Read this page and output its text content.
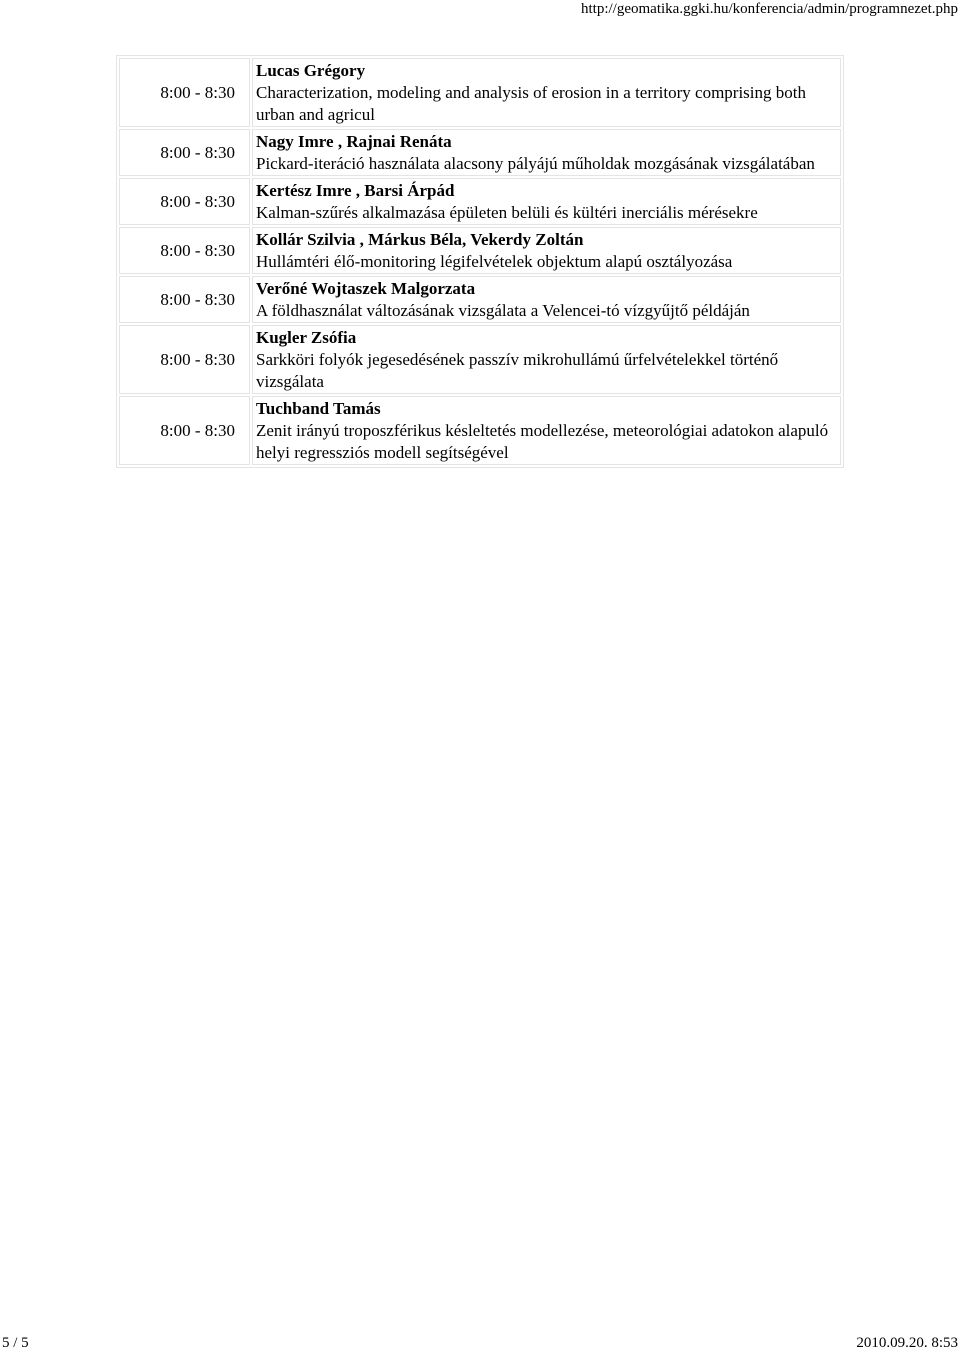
http://geomatika.ggki.hu/konferencia/admin/programnezet.php
8:00 - 8:30	Lucas Grégory
Characterization, modeling and analysis of erosion in a territory comprising both urban and agricul

8:00 - 8:30	Nagy Imre , Rajnai Renáta
Pickard-iteráció használata alacsony pályájú műholdak mozgásának vizsgálatában

8:00 - 8:30	Kertész Imre , Barsi Árpád
Kalman-szűrés alkalmazása épületen belüli és kültéri inerciális mérésekre

8:00 - 8:30	Kollár Szilvia , Márkus Béla, Vekerdy Zoltán
Hullámtéri élő-monitoring légifelvételek objektum alapú osztályozása

8:00 - 8:30	Verőné Wojtaszek Malgorzata
A földhasználat változásának vizsgálata a Velencei-tó vízgyűjtő példáján

8:00 - 8:30	Kugler Zsófia
Sarkköri folyók jegesedésének passzív mikrohullámú űrfelvételekkel történő vizsgálata

8:00 - 8:30	Tuchband Tamás
Zenit irányú troposzférikus késleltetés modellezése, meteorológiai adatokon alapuló helyi regressziós modell segítségével
5 / 5	2010.09.20. 8:53
